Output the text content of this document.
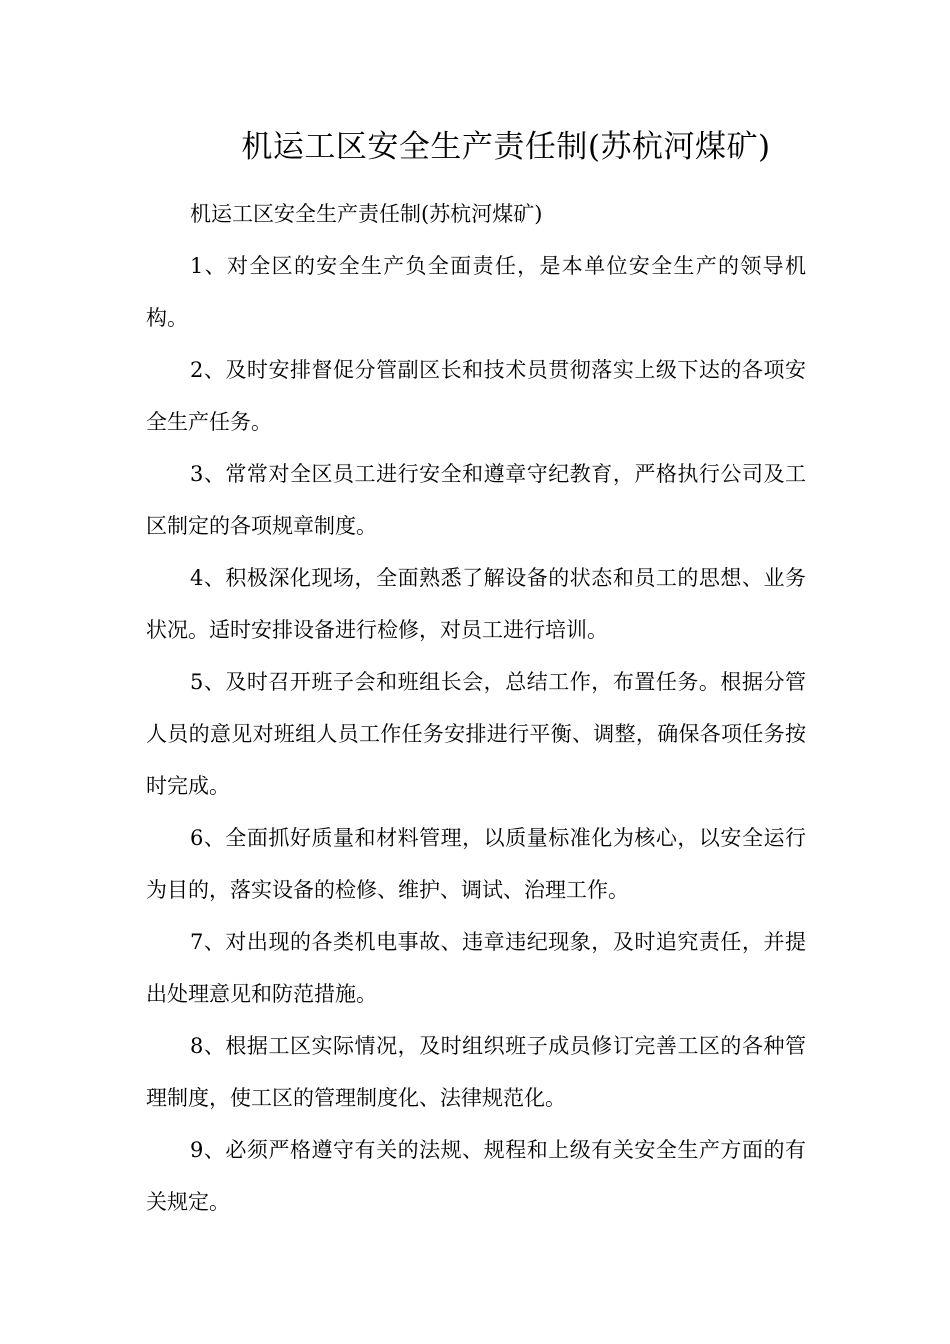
机运工区安全生产责任制(苏杭河煤矿)

机运工区安全生产责任制(苏杭河煤矿)

1、对全区的安全生产负全面责任，是本单位安全生产的领导机构。

2、及时安排督促分管副区长和技术员贯彻落实上级下达的各项安全生产任务。

3、常常对全区员工进行安全和遵章守纪教育，严格执行公司及工区制定的各项规章制度。

4、积极深化现场，全面熟悉了解设备的状态和员工的思想、业务状况。适时安排设备进行检修，对员工进行培训。

5、及时召开班子会和班组长会，总结工作，布置任务。根据分管人员的意见对班组人员工作任务安排进行平衡、调整，确保各项任务按时完成。

6、全面抓好质量和材料管理，以质量标准化为核心，以安全运行为目的，落实设备的检修、维护、调试、治理工作。

7、对出现的各类机电事故、违章违纪现象，及时追究责任，并提出处理意见和防范措施。

8、根据工区实际情况，及时组织班子成员修订完善工区的各种管理制度，使工区的管理制度化、法律规范化。

9、必须严格遵守有关的法规、规程和上级有关安全生产方面的有关规定。
